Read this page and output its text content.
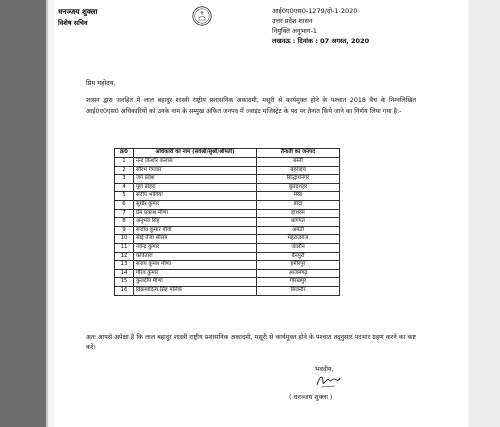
धनञ्जय शुक्ला
विशेष सचिव
आई0ए0एस0-1279/दो-1-2020
उत्तर प्रदेश शासन
नियुक्ति अनुभाग-1
लखनऊ : दिनांक : 07 अगस्त, 2020
प्रिय महोदय,
शासन द्वारा जनहित में लाल बहादुर शास्त्री राष्ट्रीय प्रशासनिक अकादमी, मसूरी से कार्यमुक्त होने के पश्चात 2018 बैच के निम्नलिखित आई0ए0एस0 अधिकारियों को उनके नाम के सम्मुख अंकित जनपद में ज्वाइंट मजिस्ट्रेट के पद पर तैनात किये जाने का निर्णय लिया गया है:-
क्र0	अधिकारी का नाम (सर्वश्री/सुश्री/श्रीमती)	तैनाती का जनपद
1	नन्द किशोर कलाल	बस्ती
2	सौरभ गंगवार	बहराइच
3	जग प्रवेश	सिद्धार्थनगर
4	पूर्ण बोहरा	बुलंदशहर
5	संदीप भागिया	मेरठ
6	सुधीर कुमार	बांदा
7	प्रेम प्रकाश मीणा	हाथरस
8	अनुभव सिंह	बागपत
9	संजीव कुमार मौर्या	अमेठी
10	साई तेजा सीलम	महराजगंज
11	नवेन्द्र कुमार	जालौन
12	कवितारा	बैनपुरी
13	संजय कुमार मीणा	हमीरपुर
14	गौरव कुमार	आजमगढ़
15	कुलदीप मीणा	गोरखपुर
16	विक्रमादित्य सिंह मलिक	बिजनौर
अतः आपसे अपेक्षा है कि लाल बहादुर शास्त्री राष्ट्रीय प्रशासनिक अकादमी, मसूरी से कार्यमुक्त होने के पश्चात तद्नुसार पदभार ग्रहण करने का कष्ट करें।
भवदीय,
( धनञ्जय शुक्ला )
